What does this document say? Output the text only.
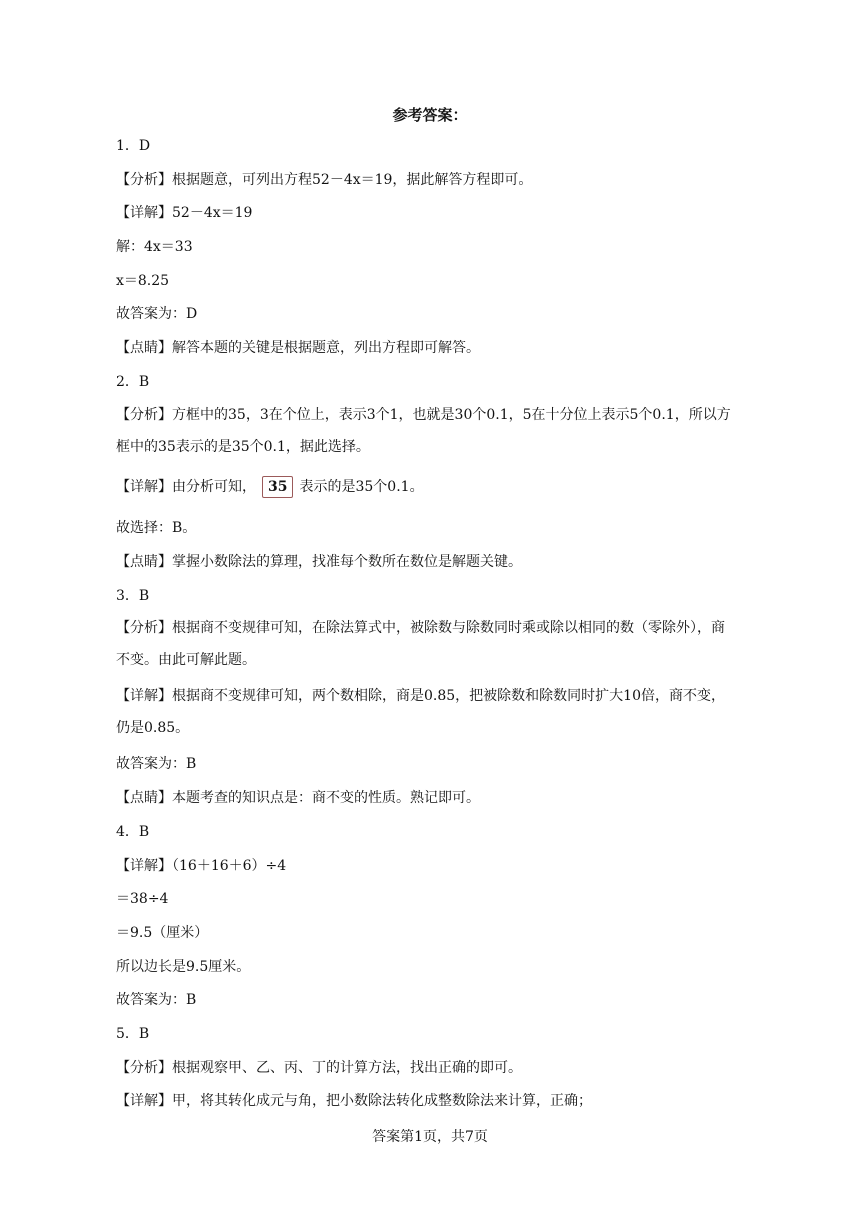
参考答案：
1．D
【分析】根据题意，可列出方程52－4x＝19，据此解答方程即可。
【详解】52－4x＝19
解：4x＝33
x＝8.25
故答案为：D
【点睛】解答本题的关键是根据题意，列出方程即可解答。
2．B
【分析】方框中的35，3在个位上，表示3个1，也就是30个0.1，5在十分位上表示5个0.1，所以方框中的35表示的是35个0.1，据此选择。
【详解】由分析可知， 35 表示的是35个0.1。
故选择：B。
【点睛】掌握小数除法的算理，找准每个数所在数位是解题关键。
3．B
【分析】根据商不变规律可知，在除法算式中，被除数与除数同时乘或除以相同的数（零除外），商不变。由此可解此题。
【详解】根据商不变规律可知，两个数相除，商是0.85，把被除数和除数同时扩大10倍，商不变，仍是0.85。
故答案为：B
【点睛】本题考查的知识点是：商不变的性质。熟记即可。
4．B
【详解】（16＋16＋6）÷4
＝38÷4
＝9.5（厘米）
所以边长是9.5厘米。
故答案为：B
5．B
【分析】根据观察甲、乙、丙、丁的计算方法，找出正确的即可。
【详解】甲，将其转化成元与角，把小数除法转化成整数除法来计算，正确；
答案第1页，共7页
